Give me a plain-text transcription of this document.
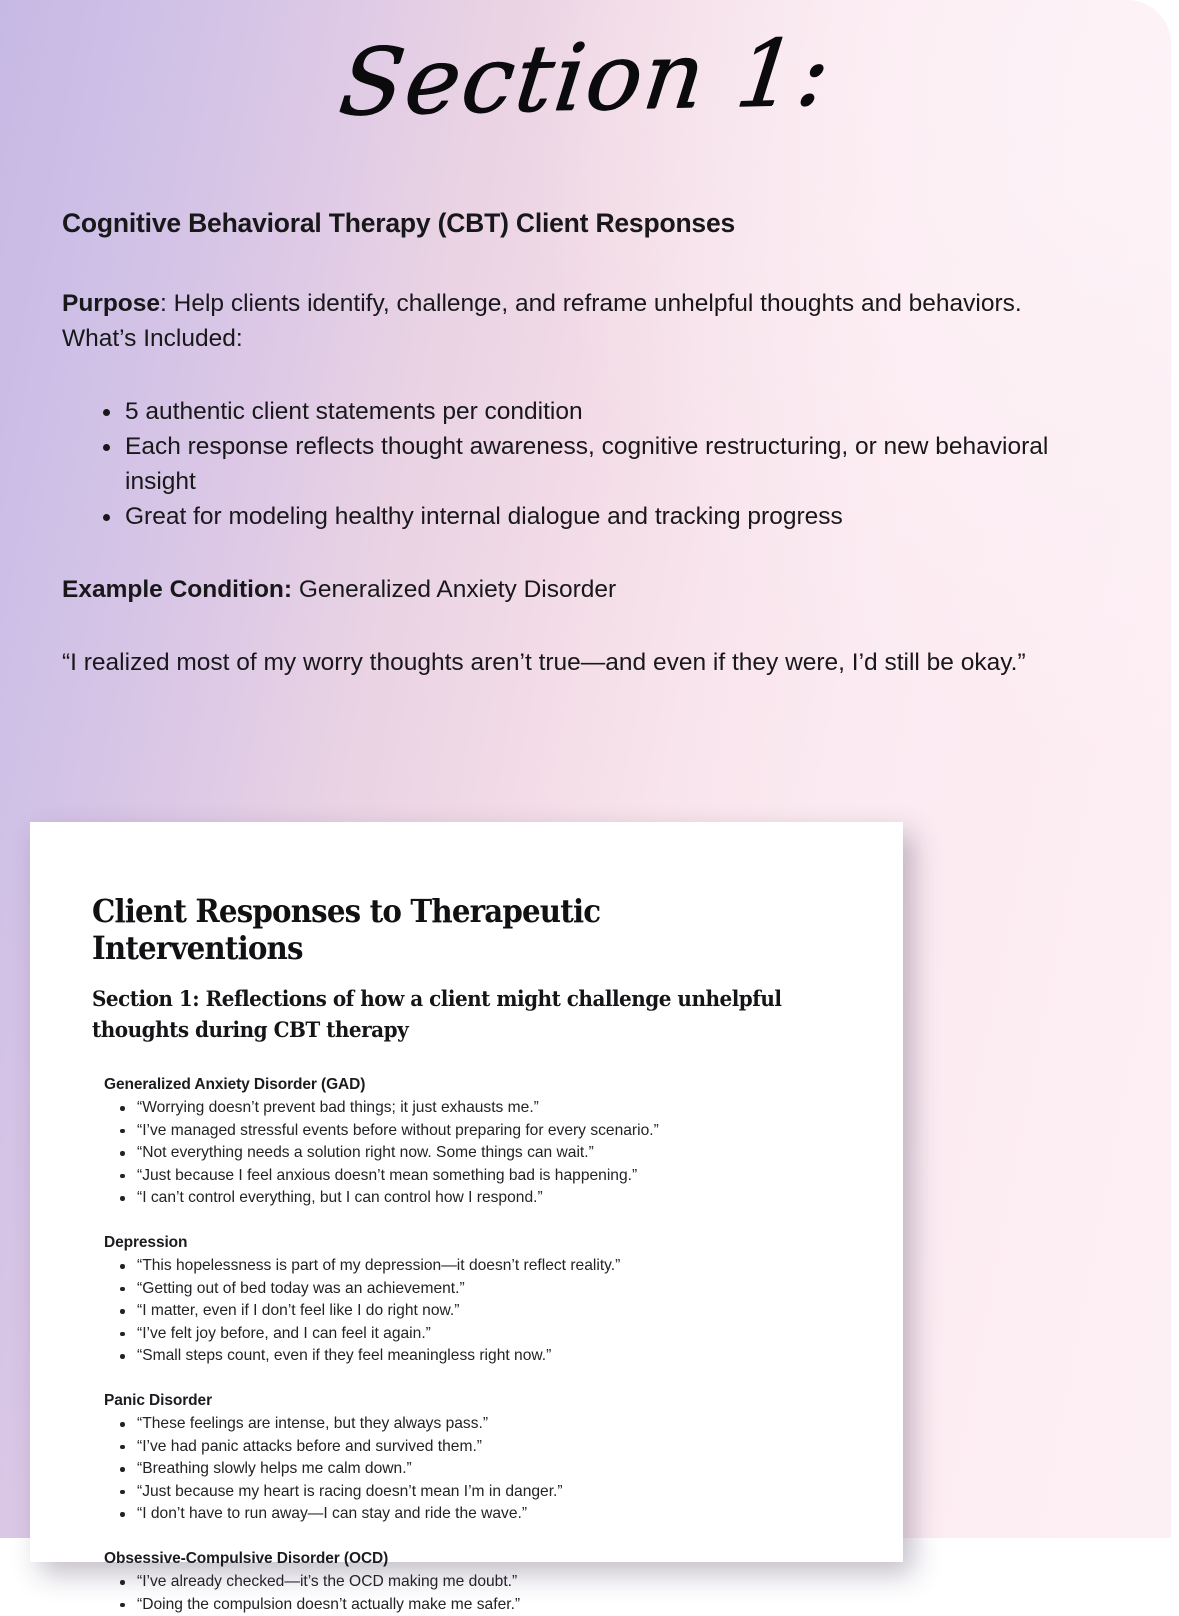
Section 1:
Cognitive Behavioral Therapy (CBT) Client Responses

Purpose: Help clients identify, challenge, and reframe unhelpful thoughts and behaviors.

What’s Included:

5 authentic client statements per condition
Each response reflects thought awareness, cognitive restructuring, or new behavioral insight
Great for modeling healthy internal dialogue and tracking progress

Example Condition: Generalized Anxiety Disorder

“I realized most of my worry thoughts aren’t true—and even if they were, I’d still be okay.”

Client Responses to Therapeutic Interventions
Section 1: Reflections of how a client might challenge unhelpful thoughts during CBT therapy
Generalized Anxiety Disorder (GAD)
“Worrying doesn’t prevent bad things; it just exhausts me.”
“I’ve managed stressful events before without preparing for every scenario.”
“Not everything needs a solution right now. Some things can wait.”
“Just because I feel anxious doesn’t mean something bad is happening.”
“I can’t control everything, but I can control how I respond.”
Depression
“This hopelessness is part of my depression—it doesn’t reflect reality.”
“Getting out of bed today was an achievement.”
“I matter, even if I don’t feel like I do right now.”
“I’ve felt joy before, and I can feel it again.”
“Small steps count, even if they feel meaningless right now.”
Panic Disorder
“These feelings are intense, but they always pass.”
“I’ve had panic attacks before and survived them.”
“Breathing slowly helps me calm down.”
“Just because my heart is racing doesn’t mean I’m in danger.”
“I don’t have to run away—I can stay and ride the wave.”
Obsessive-Compulsive Disorder (OCD)
“I’ve already checked—it’s the OCD making me doubt.”
“Doing the compulsion doesn’t actually make me safer.”
